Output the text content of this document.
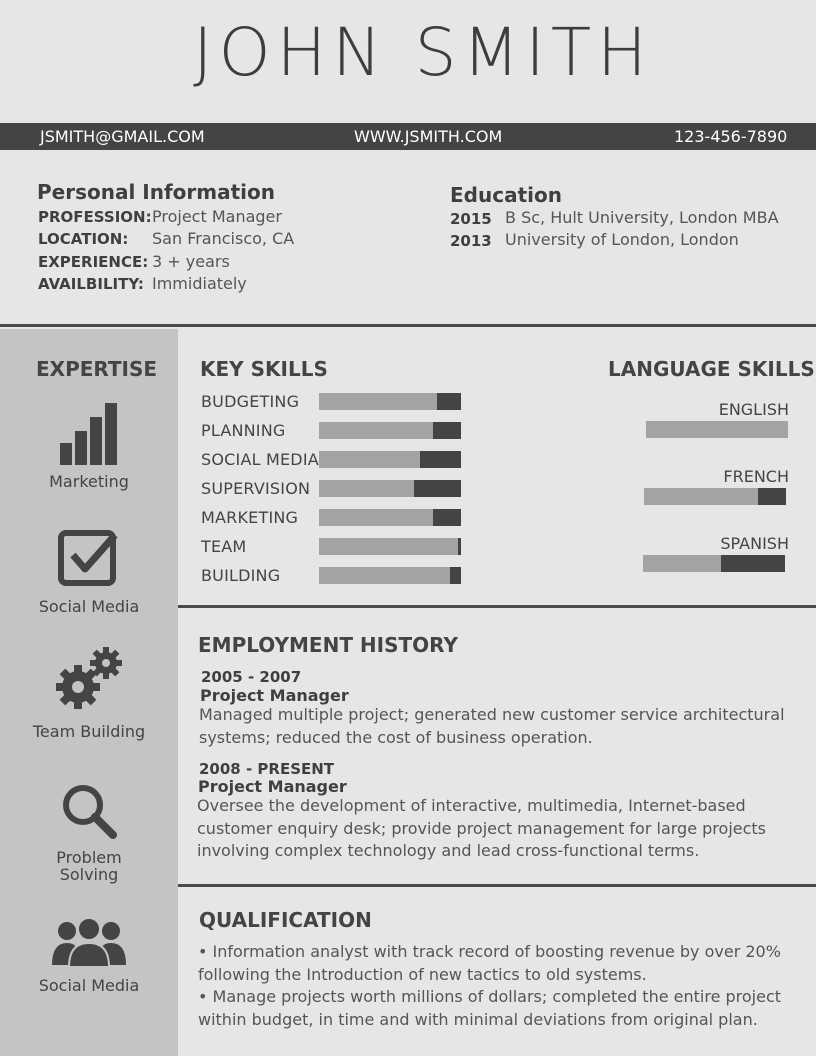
JOHN SMITH
JSMITH@GMAIL.COM	WWW.JSMITH.COM	123-456-7890
Personal Information
PROFESSION: Project Manager
LOCATION: San Francisco, CA
EXPERIENCE: 3 + years
AVAILBILITY: Immidiately
Education
2015 B Sc, Hult University, London MBA
2013 University of London, London
EXPERTISE
Marketing
Social Media
Team Building
Problem
Solving
Social Media
KEY SKILLS
BUDGETING
PLANNING
SOCIAL MEDIA
SUPERVISION
MARKETING
TEAM
BUILDING
LANGUAGE SKILLS
ENGLISH
FRENCH
SPANISH
EMPLOYMENT HISTORY
2005 - 2007
Project Manager
Managed multiple project; generated new customer service architectural
systems; reduced the cost of business operation.
2008 - PRESENT
Project Manager
Oversee the development of interactive, multimedia, Internet-based
customer enquiry desk; provide project management for large projects
involving complex technology and lead cross-functional terms.
QUALIFICATION
• Information analyst with track record of boosting revenue by over 20%
following the Introduction of new tactics to old systems.
• Manage projects worth millions of dollars; completed the entire project
within budget, in time and with minimal deviations from original plan.
